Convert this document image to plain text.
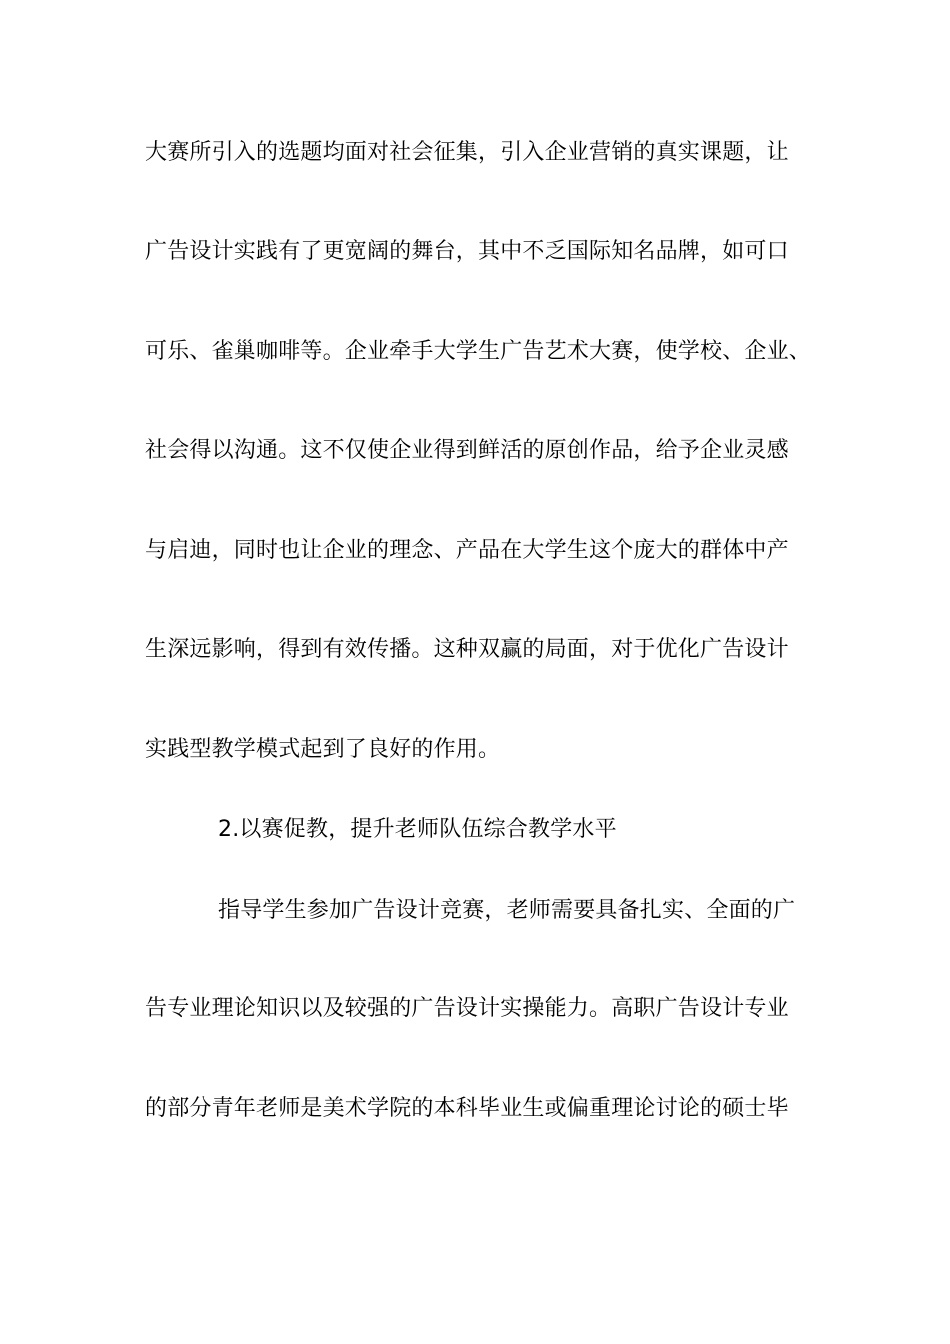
大赛所引入的选题均面对社会征集，引入企业营销的真实课题，让
广告设计实践有了更宽阔的舞台，其中不乏国际知名品牌，如可口
可乐、雀巢咖啡等。企业牵手大学生广告艺术大赛，使学校、企业、
社会得以沟通。这不仅使企业得到鲜活的原创作品，给予企业灵感
与启迪，同时也让企业的理念、产品在大学生这个庞大的群体中产
生深远影响，得到有效传播。这种双赢的局面，对于优化广告设计
实践型教学模式起到了良好的作用。
2.以赛促教，提升老师队伍综合教学水平
指导学生参加广告设计竞赛，老师需要具备扎实、全面的广
告专业理论知识以及较强的广告设计实操能力。高职广告设计专业
的部分青年老师是美术学院的本科毕业生或偏重理论讨论的硕士毕
